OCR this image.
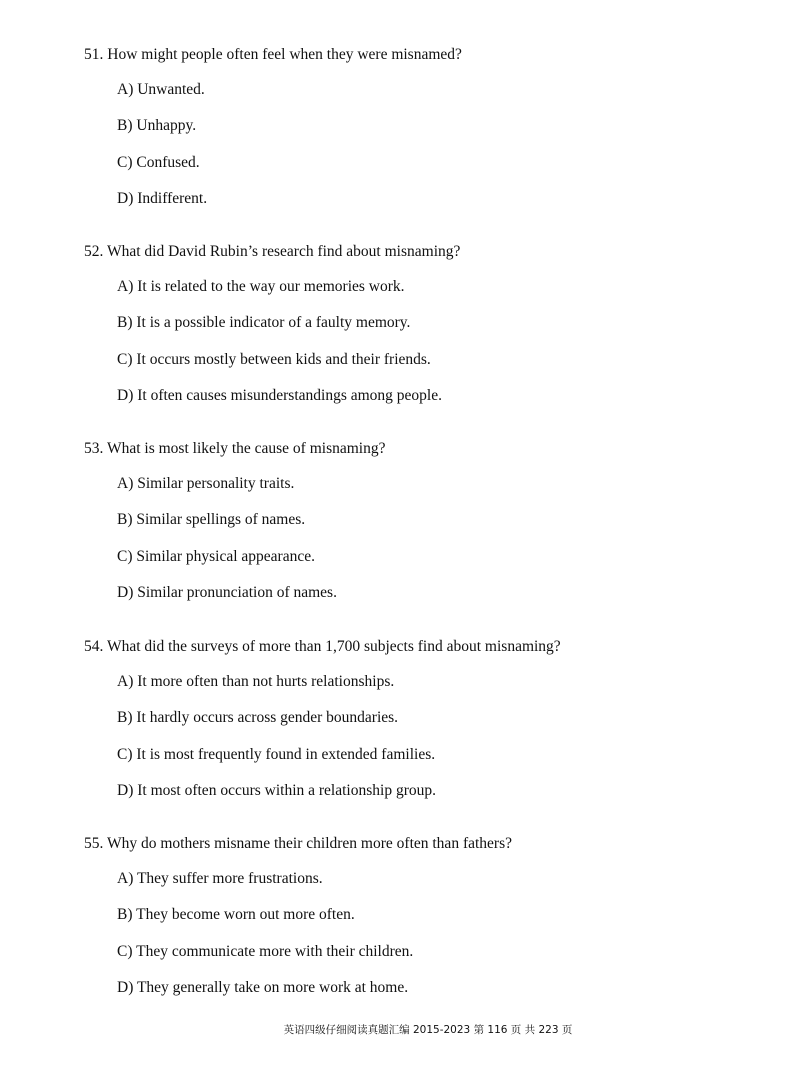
51. How might people often feel when they were misnamed?

A) Unwanted.
B) Unhappy.
C) Confused.
D) Indifferent.

52. What did David Rubin’s research find about misnaming?

A) It is related to the way our memories work.
B) It is a possible indicator of a faulty memory.
C) It occurs mostly between kids and their friends.
D) It often causes misunderstandings among people.

53. What is most likely the cause of misnaming?

A) Similar personality traits.
B) Similar spellings of names.
C) Similar physical appearance.
D) Similar pronunciation of names.

54. What did the surveys of more than 1,700 subjects find about misnaming?

A) It more often than not hurts relationships.
B) It hardly occurs across gender boundaries.
C) It is most frequently found in extended families.
D) It most often occurs within a relationship group.

55. Why do mothers misname their children more often than fathers?

A) They suffer more frustrations.
B) They become worn out more often.
C) They communicate more with their children.
D) They generally take on more work at home.
英语四级仔细阅读真题汇编 2015-2023 第 116 页 共 223 页
